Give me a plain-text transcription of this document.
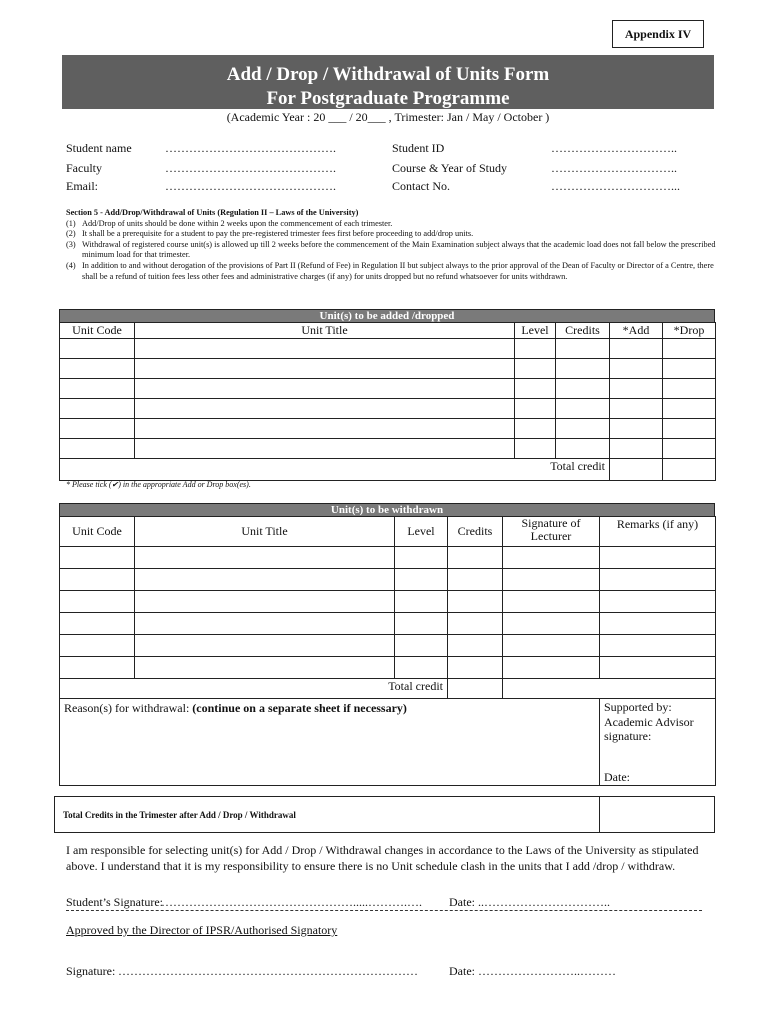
Appendix IV
Add / Drop / Withdrawal of Units Form
For Postgraduate Programme
(Academic Year : 20 ___ / 20___ , Trimester: Jan / May / October )
Student name	…………………………………….
Faculty	…………………………………….
Email:	…………………………………….
Student ID	…………………………..
Course & Year of Study	…………………………..
Contact No.	…………………………...
Section 5 - Add/Drop/Withdrawal of Units (Regulation II – Laws of the University)
(1) Add/Drop of units should be done within 2 weeks upon the commencement of each trimester.
(2) It shall be a prerequisite for a student to pay the pre-registered trimester fees first before proceeding to add/drop units.
(3) Withdrawal of registered course unit(s) is allowed up till 2 weeks before the commencement of the Main Examination subject always that the academic load does not fall below the prescribed minimum load for that trimester.
(4) In addition to and without derogation of the provisions of Part II (Refund of Fee) in Regulation II but subject always to the prior approval of the Dean of Faculty or Director of a Centre, there shall be a refund of tuition fees less other fees and administrative charges (if any) for units dropped but no refund whatsoever for units withdrawn.
Unit(s) to be added /dropped
Unit Code	Unit Title	Level	Credits	*Add	*Drop

Total credit					
* Please tick (✔) in the appropriate Add or Drop box(es).
Unit(s) to be withdrawn
Unit Code	Unit Title	Level	Credits	Signature of Lecturer	Remarks (if any)

Total credit					
Reason(s) for withdrawal: (continue on a separate sheet if necessary)					Supported by:
Academic Advisor
signature:
Date:
Total Credits in the Trimester after Add / Drop / Withdrawal
I am responsible for selecting unit(s) for Add / Drop / Withdrawal changes in accordance to the Laws of the University as stipulated above. I understand that it is my responsibility to ensure there is no Unit schedule clash in the units that I add /drop / withdraw.
Student’s Signature:
………………………………………….....……….…. Date: ..…………………………..
Approved by the Director of IPSR/Authorised Signatory
Signature: …………………………………………………………………	Date: ……………………..………
